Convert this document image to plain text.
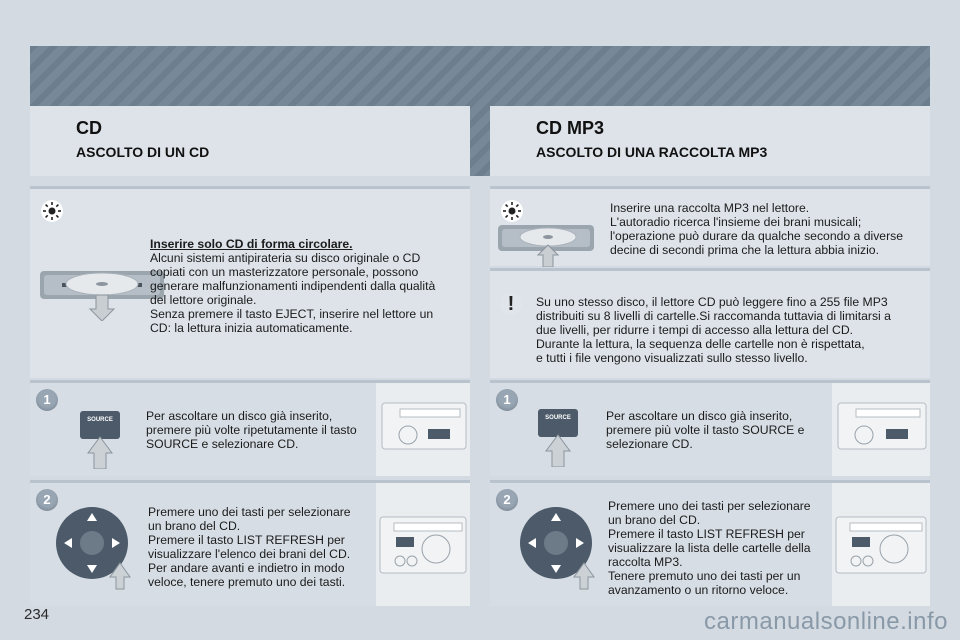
CD
ASCOLTO DI UN CD
CD MP3
ASCOLTO DI UNA RACCOLTA MP3

Inserire solo CD di forma circolare.

Alcuni sistemi antipirateria su disco originale o CD

copiati con un masterizzatore personale, possono

generare malfunzionamenti indipendenti dalla qualità

del lettore originale.

Senza premere il tasto EJECT, inserire nel lettore un

CD: la lettura inizia automaticamente.

1
SOURCE	Per ascoltare un disco già inserito,

premere più volte ripetutamente il tasto

SOURCE e selezionare CD.

2

Premere uno dei tasti per selezionare

un brano del CD.

Premere il tasto LIST REFRESH per

visualizzare l'elenco dei brani del CD.

Per andare avanti e indietro in modo

veloce, tenere premuto uno dei tasti.

Inserire una raccolta MP3 nel lettore.

L'autoradio ricerca l'insieme dei brani musicali;

l'operazione può durare da qualche secondo a diverse

decine di secondi prima che la lettura abbia inizio.

!	Su uno stesso disco, il lettore CD può leggere fino a 255 file MP3

distribuiti su 8 livelli di cartelle.Si raccomanda tuttavia di limitarsi a

due livelli, per ridurre i tempi di accesso alla lettura del CD.

Durante la lettura, la sequenza delle cartelle non è rispettata,

e tutti i file vengono visualizzati sullo stesso livello.

1
SOURCE	Per ascoltare un disco già inserito,

premere più volte il tasto SOURCE e

selezionare CD.

2	Premere uno dei tasti per selezionare

un brano del CD.

Premere il tasto LIST REFRESH per

visualizzare la lista delle cartelle della

raccolta MP3.

Tenere premuto uno dei tasti per un

avanzamento o un ritorno veloce.

234	carmanualsonline.info
